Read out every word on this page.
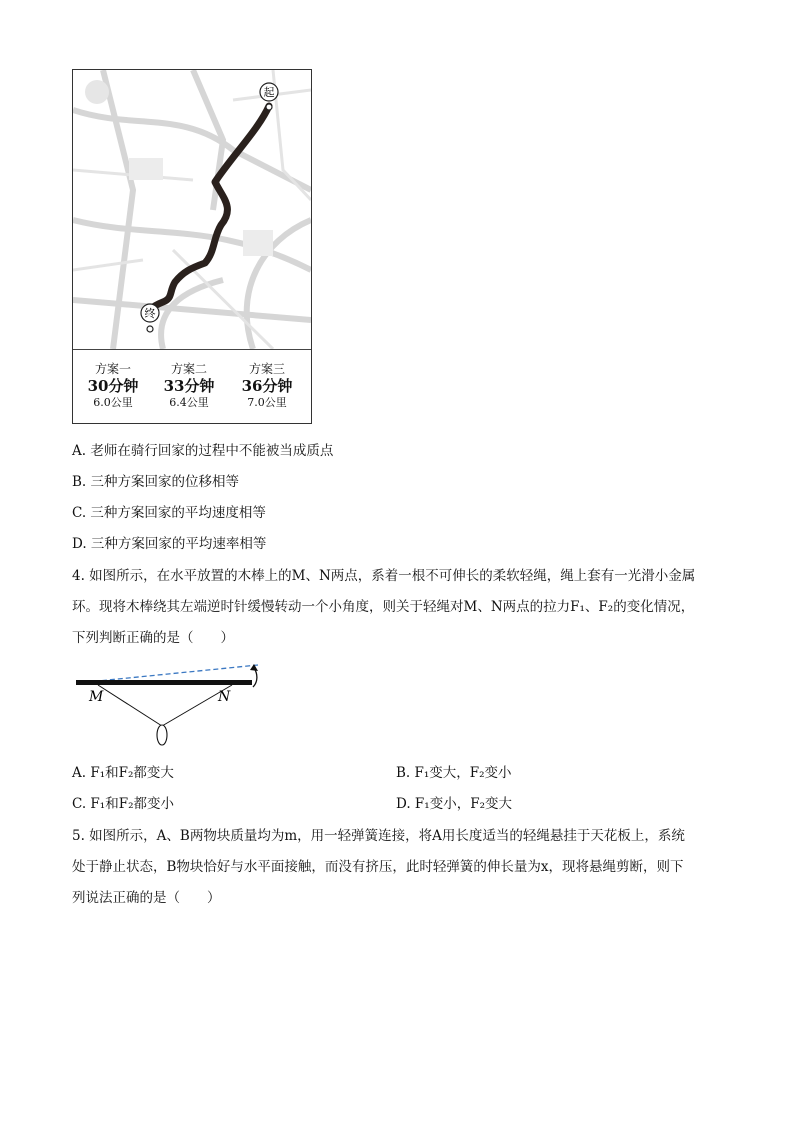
起
终
方案一
30分钟
6.0公里
方案二
33分钟
6.4公里
方案三
36分钟
7.0公里
A. 老师在骑行回家的过程中不能被当成质点
B. 三种方案回家的位移相等
C. 三种方案回家的平均速度相等
D. 三种方案回家的平均速率相等
4. 如图所示，在水平放置的木棒上的M、N两点，系着一根不可伸长的柔软轻绳，绳上套有一光滑小金属
环。现将木棒绕其左端逆时针缓慢转动一个小角度，则关于轻绳对M、N两点的拉力F₁、F₂的变化情况，
下列判断正确的是（　　）
M	N
A. F₁和F₂都变大	B. F₁变大，F₂变小
C. F₁和F₂都变小	D. F₁变小，F₂变大
5. 如图所示，A、B两物块质量均为m，用一轻弹簧连接，将A用长度适当的轻绳悬挂于天花板上，系统
处于静止状态，B物块恰好与水平面接触，而没有挤压，此时轻弹簧的伸长量为x，现将悬绳剪断，则下
列说法正确的是（　　）
